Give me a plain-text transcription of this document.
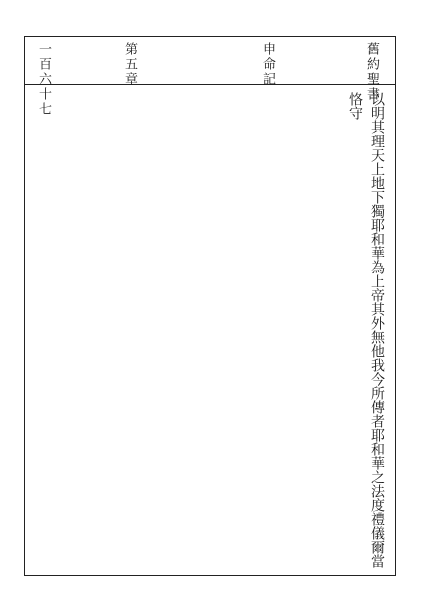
舊約聖書
申命記
第五章
一百六十七
以明其理天上地下獨耶和華為上帝其外無他我今所傳者耶和華之法度禮儀爾當恪守
